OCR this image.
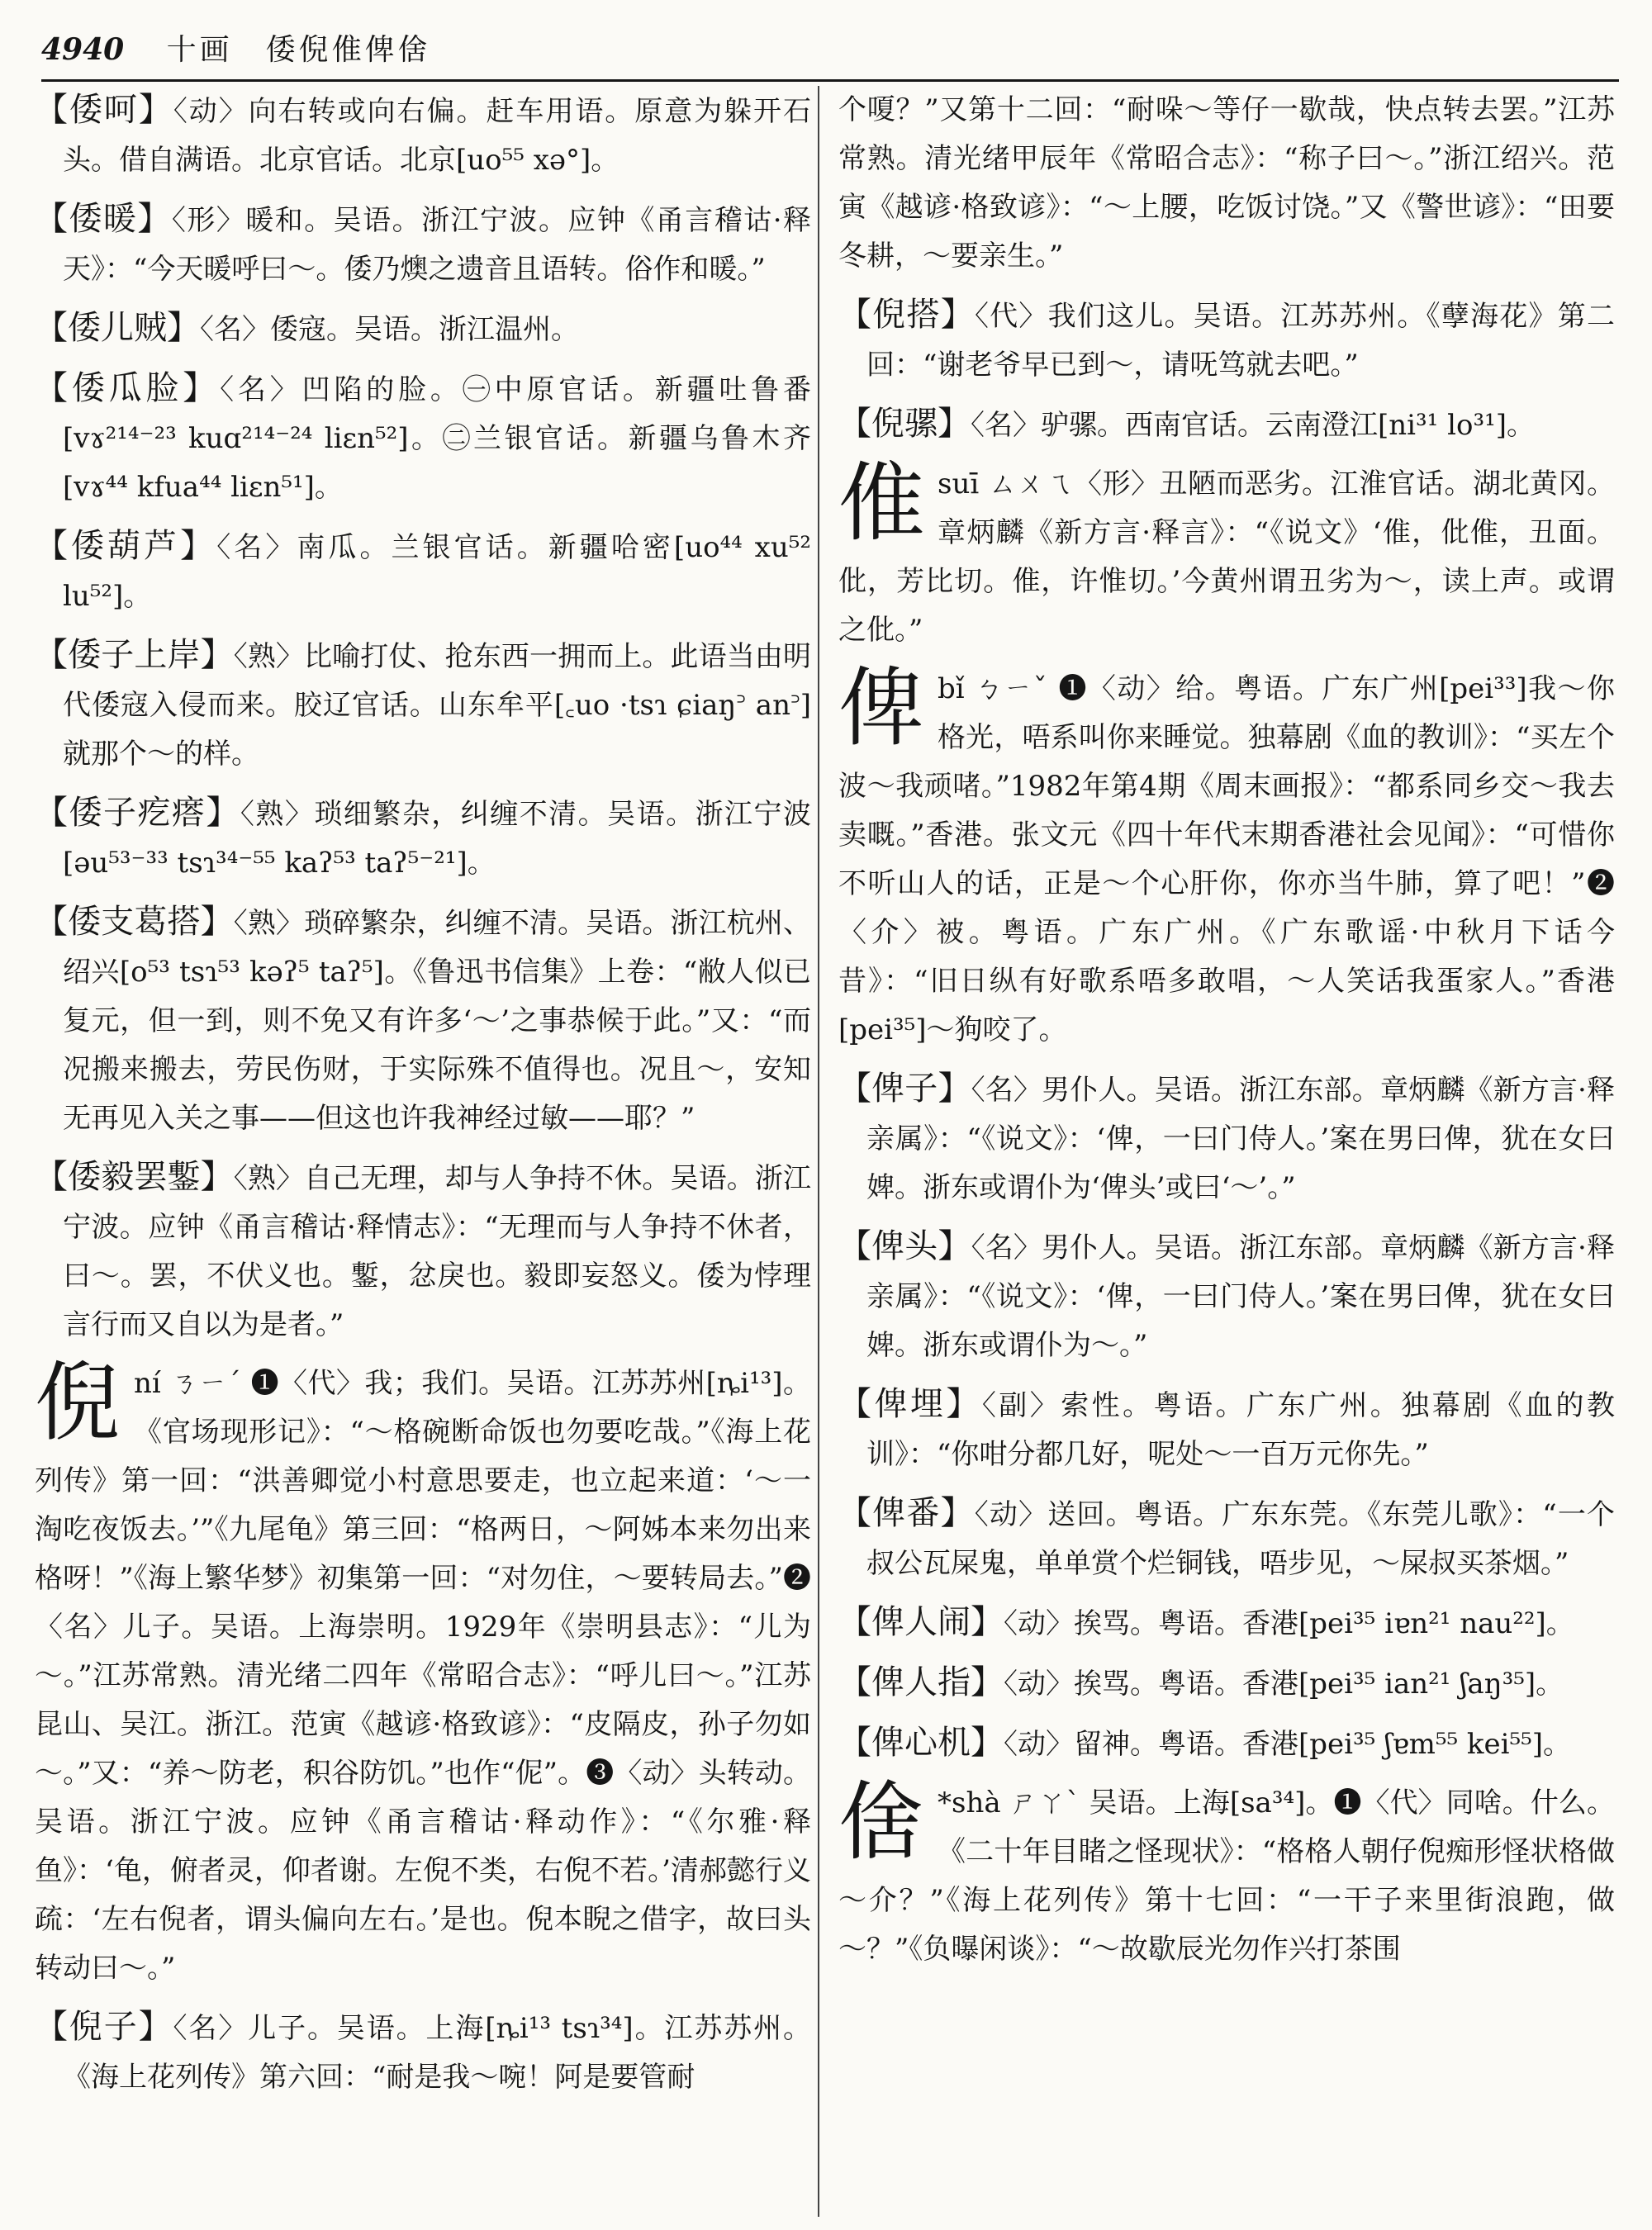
4940 十画　倭倪倠俾倽

【倭呵】〈动〉向右转或向右偏。赶车用语。原意为躲开石头。借自满语。北京官话。北京[uo⁵⁵ xə°]。

【倭暖】〈形〉暖和。吴语。浙江宁波。应钟《甬言稽诂·释天》：“今天暖呼曰～。倭乃燠之遗音且语转。俗作和暖。”

【倭儿贼】〈名〉倭寇。吴语。浙江温州。

【倭瓜脸】〈名〉凹陷的脸。㊀中原官话。新疆吐鲁番[vɤ²¹⁴⁻²³ kuɑ²¹⁴⁻²⁴ liɛn⁵²]。㊁兰银官话。新疆乌鲁木齐[vɤ⁴⁴ kfua⁴⁴ liɛn⁵¹]。

【倭葫芦】〈名〉南瓜。兰银官话。新疆哈密[uo⁴⁴ xu⁵² lu⁵²]。

【倭子上岸】〈熟〉比喻打仗、抢东西一拥而上。此语当由明代倭寇入侵而来。胶辽官话。山东牟平[꜀uo ·tsɿ ɕiaŋ꜄ an꜄]就那个～的样。

【倭子疙瘩】〈熟〉琐细繁杂，纠缠不清。吴语。浙江宁波[əu⁵³⁻³³ tsɿ³⁴⁻⁵⁵ kaʔ⁵³ taʔ⁵⁻²¹]。

【倭支葛搭】〈熟〉琐碎繁杂，纠缠不清。吴语。浙江杭州、绍兴[o⁵³ tsɿ⁵³ kəʔ⁵ taʔ⁵]。《鲁迅书信集》上卷：“敝人似已复元，但一到，则不免又有许多‘～’之事恭候于此。”又：“而况搬来搬去，劳民伤财，于实际殊不值得也。况且～，安知无再见入关之事——但这也许我神经过敏——耶？”

【倭毅罢鏨】〈熟〉自己无理，却与人争持不休。吴语。浙江宁波。应钟《甬言稽诂·释情志》：“无理而与人争持不休者，曰～。罢，不伏义也。鏨，忿戾也。毅即妄怒义。倭为悖理言行而又自以为是者。”

倪ní ㄋㄧˊ ❶〈代〉我；我们。吴语。江苏苏州[ȵi¹³]。《官场现形记》：“～格碗断命饭也勿要吃哉。”《海上花列传》第一回：“洪善卿觉小村意思要走，也立起来道：‘～一淘吃夜饭去。’”《九尾龟》第三回：“格两日，～阿姊本来勿出来格呀！”《海上繁华梦》初集第一回：“对勿住，～要转局去。”❷〈名〉儿子。吴语。上海崇明。1929年《崇明县志》：“儿为～。”江苏常熟。清光绪二四年《常昭合志》：“呼儿曰～。”江苏昆山、吴江。浙江。范寅《越谚·格致谚》：“皮隔皮，孙子勿如～。”又：“养～防老，积谷防饥。”也作“伲”。❸〈动〉头转动。吴语。浙江宁波。应钟《甬言稽诂·释动作》：“《尔雅·释鱼》：‘龟，俯者灵，仰者谢。左倪不类，右倪不若。’清郝懿行义疏：‘左右倪者，谓头偏向左右。’是也。倪本睨之借字，故曰头转动曰～。”

【倪子】〈名〉儿子。吴语。上海[ȵi¹³ tsɿ³⁴]。江苏苏州。《海上花列传》第六回：“耐是我～啘！阿是要管耐

个嗄？”又第十二回：“耐哚～等仔一歇哉，快点转去罢。”江苏常熟。清光绪甲辰年《常昭合志》：“称子曰～。”浙江绍兴。范寅《越谚·格致谚》：“～上腰，吃饭讨饶。”又《警世谚》：“田要冬耕，～要亲生。”

【倪搭】〈代〉我们这儿。吴语。江苏苏州。《孽海花》第二回：“谢老爷早已到～，请呒笃就去吧。”

【倪骡】〈名〉驴骡。西南官话。云南澄江[ni³¹ lo³¹]。

倠suī ㄙㄨㄟ〈形〉丑陋而恶劣。江淮官话。湖北黄冈。章炳麟《新方言·释言》：“《说文》‘倠，仳倠，丑面。仳，芳比切。倠，许惟切。’今黄州谓丑劣为～，读上声。或谓之仳。”

俾bǐ ㄅㄧˇ ❶〈动〉给。粤语。广东广州[pei³³]我～你格光，唔系叫你来睡觉。独幕剧《血的教训》：“买左个波～我顽啫。”1982年第4期《周末画报》：“都系同乡交～我去卖嘅。”香港。张文元《四十年代末期香港社会见闻》：“可惜你不听山人的话，正是～个心肝你，你亦当牛肺，算了吧！”❷〈介〉被。粤语。广东广州。《广东歌谣·中秋月下话今昔》：“旧日纵有好歌系唔多敢唱，～人笑话我蛋家人。”香港[pei³⁵]～狗咬了。

【俾子】〈名〉男仆人。吴语。浙江东部。章炳麟《新方言·释亲属》：“《说文》：‘俾，一曰门侍人。’案在男曰俾，犹在女曰婢。浙东或谓仆为‘俾头’或曰‘～’。”

【俾头】〈名〉男仆人。吴语。浙江东部。章炳麟《新方言·释亲属》：“《说文》：‘俾，一曰门侍人。’案在男曰俾，犹在女曰婢。浙东或谓仆为～。”

【俾埋】〈副〉索性。粤语。广东广州。独幕剧《血的教训》：“你咁分都几好，呢处～一百万元你先。”

【俾番】〈动〉送回。粤语。广东东莞。《东莞儿歌》：“一个叔公瓦屎鬼，单单赏个烂铜钱，唔步见，～屎叔买茶烟。”

【俾人闹】〈动〉挨骂。粤语。香港[pei³⁵ iɐn²¹ nau²²]。

【俾人指】〈动〉挨骂。粤语。香港[pei³⁵ ian²¹ ʃaŋ³⁵]。

【俾心机】〈动〉留神。粤语。香港[pei³⁵ ʃɐm⁵⁵ kei⁵⁵]。

倽 *shà ㄕㄚˋ 吴语。上海[sa³⁴]。❶〈代〉同啥。什么。《二十年目睹之怪现状》：“格格人朝仔倪痴形怪状格做～介？”《海上花列传》第十七回：“一干子来里街浪跑，做～？”《负曝闲谈》：“～故歇辰光勿作兴打茶围
